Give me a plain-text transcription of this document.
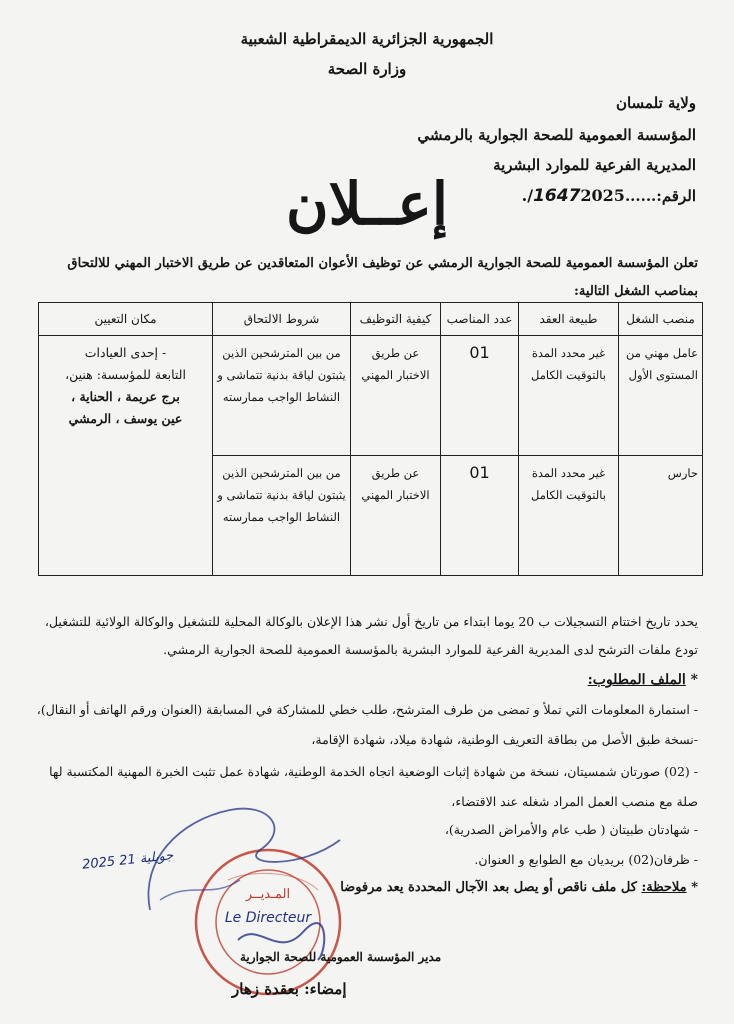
الجمهورية الجزائرية الديمقراطية الشعبية
وزارة الصحة
ولاية تلمسان
المؤسسة العمومية للصحة الجوارية بالرمشي
المديرية الفرعية للموارد البشرية
الرقم:......16472025/.
إعــلان
تعلن المؤسسة العمومية للصحة الجوارية الرمشي عن توظيف الأعوان المتعاقدين عن طريق الاختبار المهني للالتحاق
بمناصب الشغل التالية:
منصب الشغل	طبيعة العقد	عدد المناصب	كيفية التوظيف	شروط الالتحاق	مكان التعيين
عامل مهني من المستوى الأول	غير محدد المدة بالتوقيت الكامل	01	عن طريق الاختبار المهني	من بين المترشحين الذين يثبتون لياقة بدنية تتماشى و النشاط الواجب ممارسته	- إحدى العيادات
التابعة للمؤسسة: هنين،
برج عريمة ، الحناية ،
عين يوسف ، الرمشي

حارس	غير محدد المدة بالتوقيت الكامل	01	عن طريق الاختبار المهني	من بين المترشحين الذين يثبتون لياقة بدنية تتماشى و النشاط الواجب ممارسته	
يحدد تاريخ اختتام التسجيلات ب 20 يوما ابتداء من تاريخ أول نشر هذا الإعلان بالوكالة المحلية للتشغيل والوكالة الولائية للتشغيل،
تودع ملفات الترشح لدى المديرية الفرعية للموارد البشرية بالمؤسسة العمومية للصحة الجوارية الرمشي.
* الملف المطلوب:
- استمارة المعلومات التي تملأ و تمضى من طرف المترشح، طلب خطي للمشاركة في المسابقة (العنوان ورقم الهاتف أو النقال)،
-نسخة طبق الأصل من بطاقة التعريف الوطنية، شهادة ميلاد، شهادة الإقامة،
- (02) صورتان شمسيتان، نسخة من شهادة إثبات الوضعية اتجاه الخدمة الوطنية، شهادة عمل تثبت الخبرة المهنية المكتسبة لها
صلة مع منصب العمل المراد شغله عند الاقتضاء،
- شهادتان طبيتان ( طب عام والأمراض الصدرية)،
- ظرفان(02) بريديان مع الطوابع و العنوان.
* ملاحظة: كل ملف ناقص أو يصل بعد الآجال المحددة يعد مرفوضا
2025 جويلية 21
المـديــر
Le Directeur
مدير المؤسسة العمومية للصحة الجوارية
إمضاء: بعقدة زهار
